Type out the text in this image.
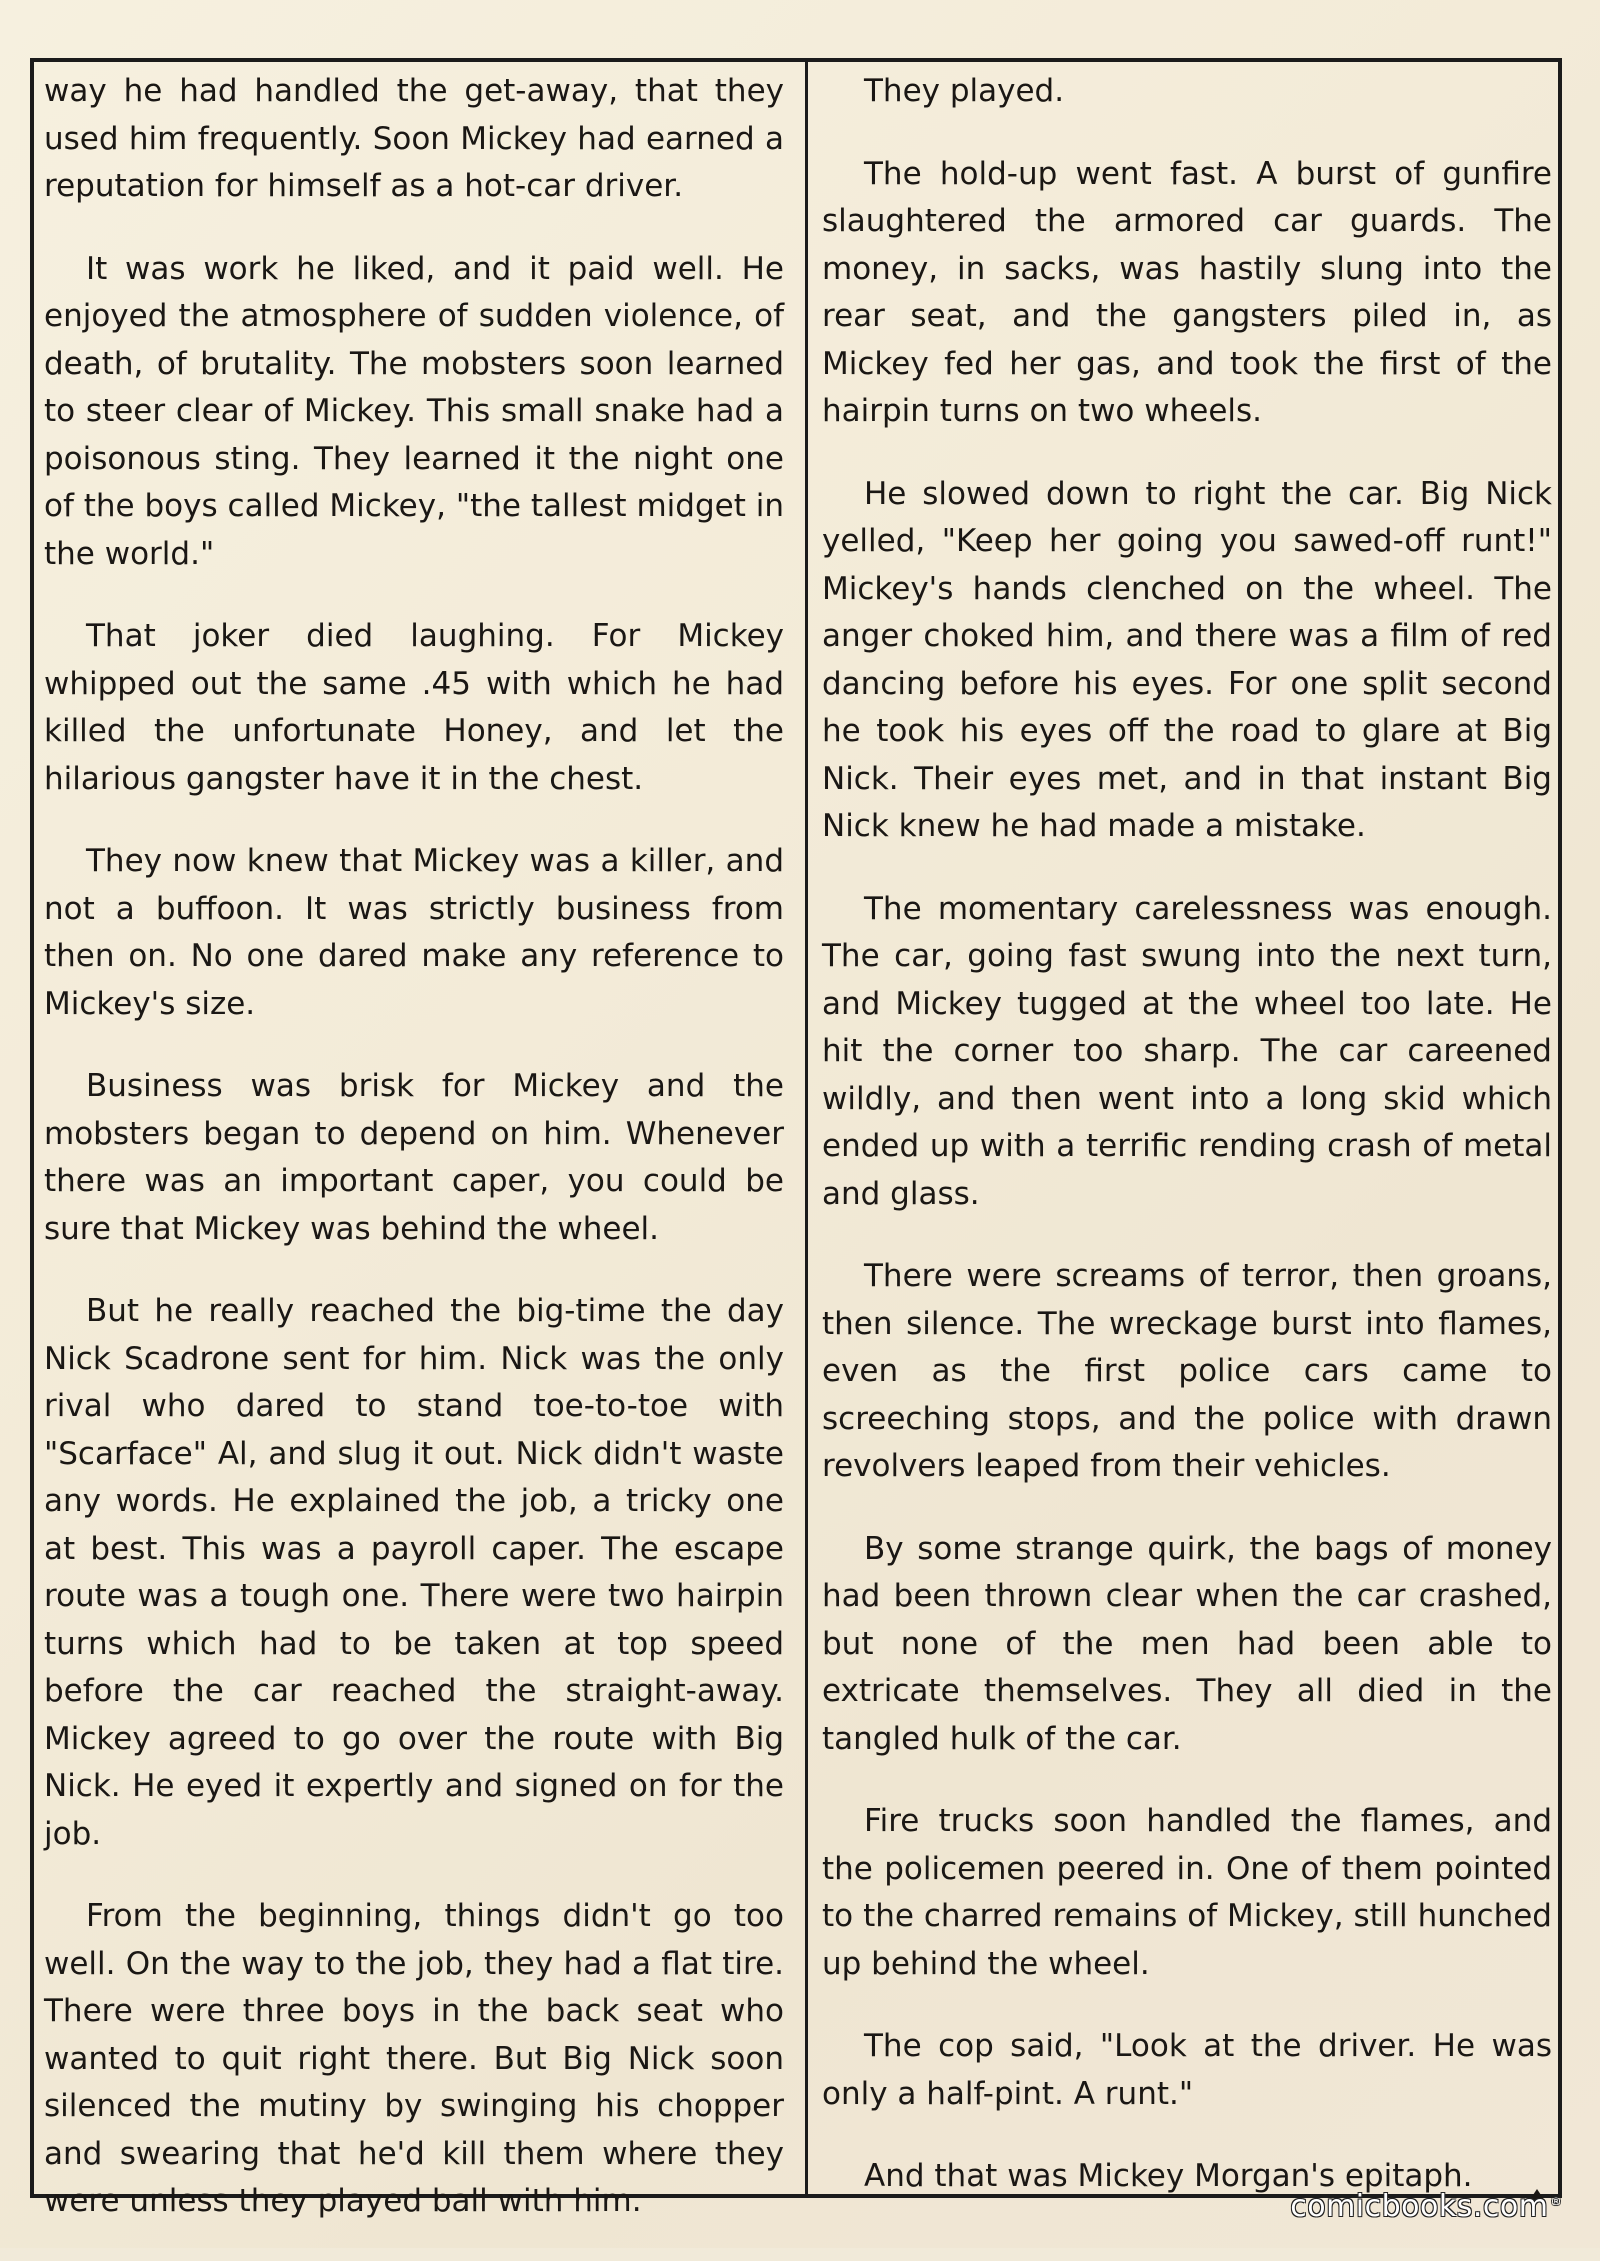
way he had handled the get-away, that they used him frequently. Soon Mickey had earned a reputation for himself as a hot-car driver.

It was work he liked, and it paid well. He enjoyed the atmosphere of sudden violence, of death, of brutality. The mobsters soon learned to steer clear of Mickey. This small snake had a poisonous sting. They learned it the night one of the boys called Mickey, "the tallest midget in the world."

That joker died laughing. For Mickey whipped out the same .45 with which he had killed the unfortunate Honey, and let the hilarious gangster have it in the chest.

They now knew that Mickey was a killer, and not a buffoon. It was strictly business from then on. No one dared make any reference to Mickey's size.

Business was brisk for Mickey and the mobsters began to depend on him. Whenever there was an important caper, you could be sure that Mickey was behind the wheel.

But he really reached the big-time the day Nick Scadrone sent for him. Nick was the only rival who dared to stand toe-to-toe with "Scarface" Al, and slug it out. Nick didn't waste any words. He explained the job, a tricky one at best. This was a payroll caper. The escape route was a tough one. There were two hairpin turns which had to be taken at top speed before the car reached the straight-away. Mickey agreed to go over the route with Big Nick. He eyed it expertly and signed on for the job.

From the beginning, things didn't go too well. On the way to the job, they had a flat tire. There were three boys in the back seat who wanted to quit right there. But Big Nick soon silenced the mutiny by swinging his chopper and swearing that he'd kill them where they were unless they played ball with him.

They played.

The hold-up went fast. A burst of gunfire slaughtered the armored car guards. The money, in sacks, was hastily slung into the rear seat, and the gangsters piled in, as Mickey fed her gas, and took the first of the hairpin turns on two wheels.

He slowed down to right the car. Big Nick yelled, "Keep her going you sawed-off runt!" Mickey's hands clenched on the wheel. The anger choked him, and there was a film of red dancing before his eyes. For one split second he took his eyes off the road to glare at Big Nick. Their eyes met, and in that instant Big Nick knew he had made a mistake.

The momentary carelessness was enough. The car, going fast swung into the next turn, and Mickey tugged at the wheel too late. He hit the corner too sharp. The car careened wildly, and then went into a long skid which ended up with a terrific rending crash of metal and glass.

There were screams of terror, then groans, then silence. The wreckage burst into flames, even as the first police cars came to screeching stops, and the police with drawn revolvers leaped from their vehicles.

By some strange quirk, the bags of money had been thrown clear when the car crashed, but none of the men had been able to extricate themselves. They all died in the tangled hulk of the car.

Fire trucks soon handled the flames, and the policemen peered in. One of them pointed to the charred remains of Mickey, still hunched up behind the wheel.

The cop said, "Look at the driver. He was only a half-pint. A runt."

And that was Mickey Morgan's epitaph.

comicbooks.com ®
